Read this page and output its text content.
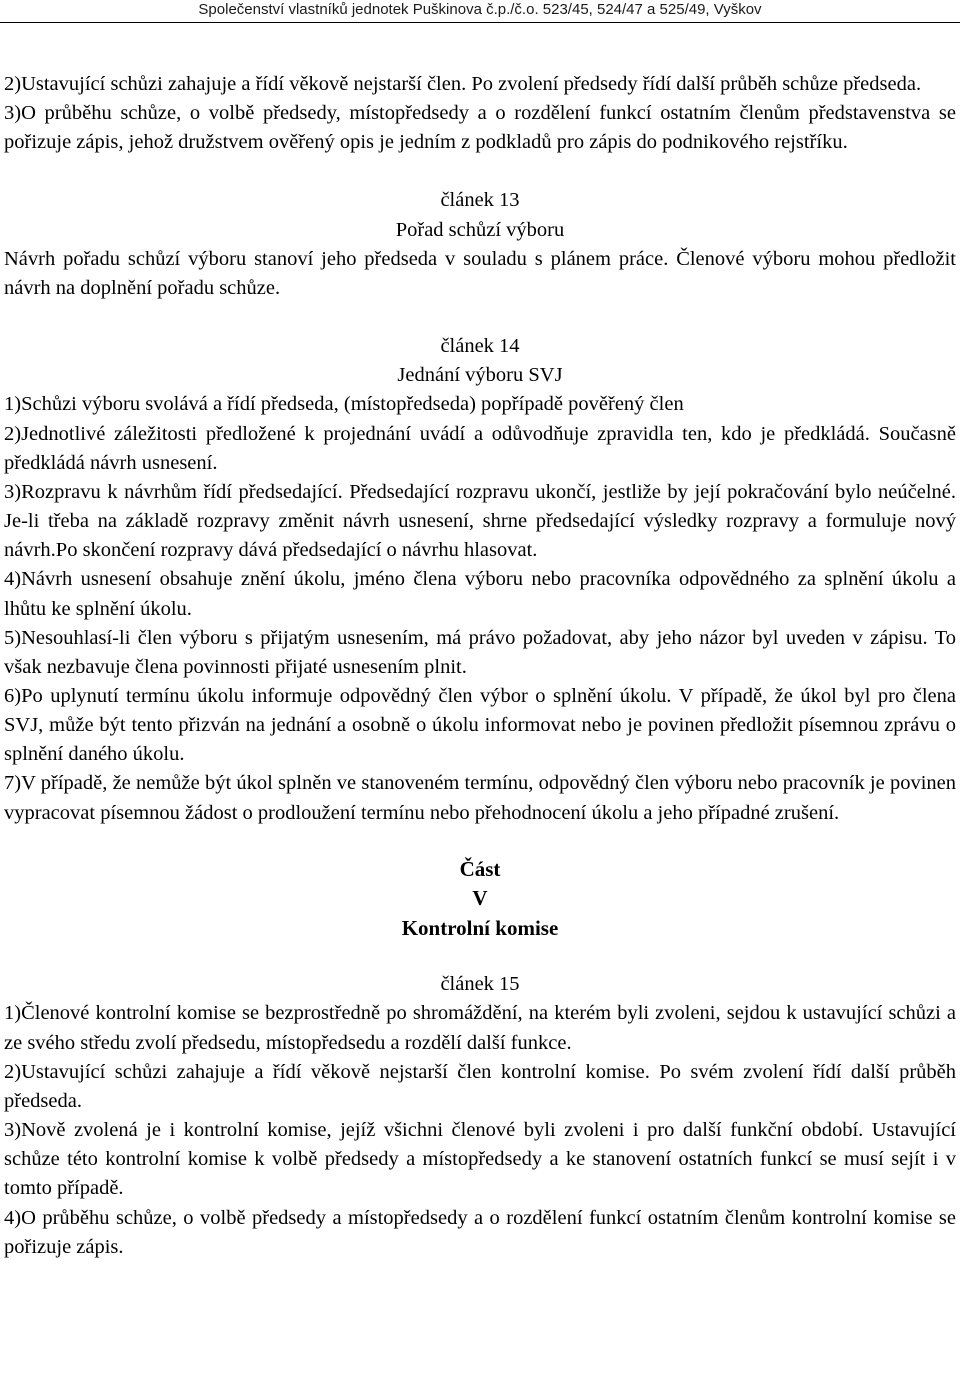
Společenství vlastníků jednotek Puškinova č.p./č.o. 523/45, 524/47 a 525/49, Vyškov

2)Ustavující schůzi zahajuje a řídí věkově nejstarší člen. Po zvolení předsedy řídí další průběh schůze předseda.

3)O průběhu schůze, o volbě předsedy, místopředsedy a o rozdělení funkcí ostatním členům představenstva se pořizuje zápis, jehož družstvem ověřený opis je jedním z podkladů pro zápis do podnikového rejstříku.

článek 13

Pořad schůzí výboru

Návrh pořadu schůzí výboru stanoví jeho předseda v souladu s plánem práce. Členové výboru mohou předložit návrh na doplnění pořadu schůze.

článek 14

Jednání výboru SVJ

1)Schůzi výboru svolává a řídí předseda, (místopředseda) popřípadě pověřený člen

2)Jednotlivé záležitosti předložené k projednání uvádí a odůvodňuje zpravidla ten, kdo je předkládá. Současně předkládá návrh usnesení.

3)Rozpravu k návrhům řídí předsedající. Předsedající rozpravu ukončí, jestliže by její pokračování bylo neúčelné. Je-li třeba na základě rozpravy změnit návrh usnesení, shrne předsedající výsledky rozpravy a formuluje nový návrh.Po skončení rozpravy dává předsedající o návrhu hlasovat.

4)Návrh usnesení obsahuje znění úkolu, jméno člena výboru nebo pracovníka odpovědného za splnění úkolu a lhůtu ke splnění úkolu.

5)Nesouhlasí-li člen výboru s přijatým usnesením, má právo požadovat, aby jeho názor byl uveden v zápisu. To však nezbavuje člena povinnosti přijaté usnesením plnit.

6)Po uplynutí termínu úkolu informuje odpovědný člen výbor o splnění úkolu. V případě, že úkol byl pro člena SVJ, může být tento přizván na jednání a osobně o úkolu informovat nebo je povinen předložit písemnou zprávu o splnění daného úkolu.

7)V případě, že nemůže být úkol splněn ve stanoveném termínu, odpovědný člen výboru nebo pracovník je povinen vypracovat písemnou žádost o prodloužení termínu nebo přehodnocení úkolu a jeho případné zrušení.

Část

V

Kontrolní komise

článek 15

1)Členové kontrolní komise se bezprostředně po shromáždění, na kterém byli zvoleni, sejdou k ustavující schůzi a ze svého středu zvolí předsedu, místopředsedu a rozdělí další funkce.

2)Ustavující schůzi zahajuje a řídí věkově nejstarší člen kontrolní komise. Po svém zvolení řídí další průběh předseda.

3)Nově zvolená je i kontrolní komise, jejíž všichni členové byli zvoleni i pro další funkční období. Ustavující schůze této kontrolní komise k volbě předsedy a místopředsedy a ke stanovení ostatních funkcí se musí sejít i v tomto případě.

4)O průběhu schůze, o volbě předsedy a místopředsedy a o rozdělení funkcí ostatním členům kontrolní komise se pořizuje zápis.
